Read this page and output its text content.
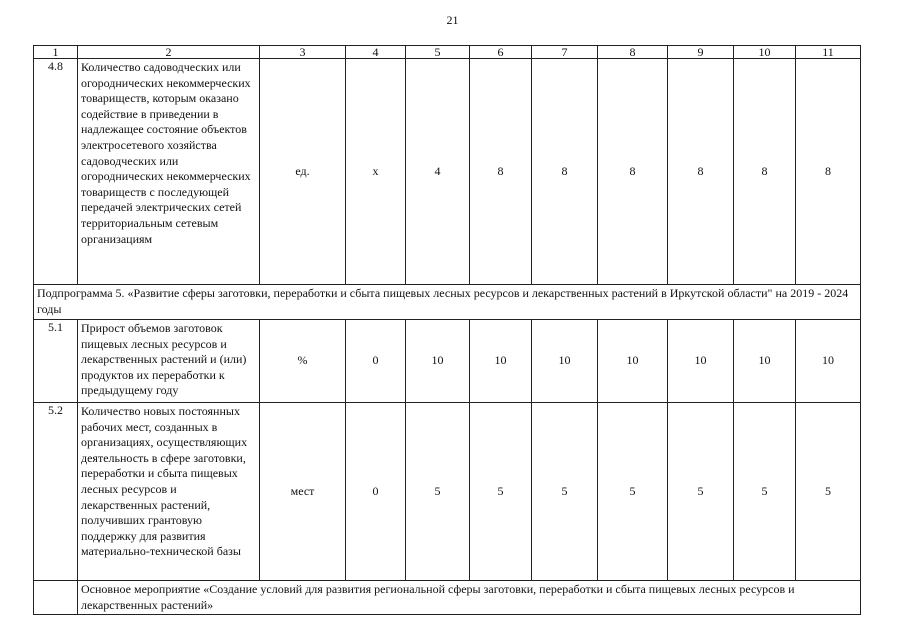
21
1	2	3	4	5	6	7	8	9	10	11
4.8	Количество садоводческих или огороднических некоммерческих товариществ, которым оказано содействие в приведении в надлежащее состояние объектов электросетевого хозяйства садоводческих или огороднических некоммерческих товариществ с последующей передачей электрических сетей территориальным сетевым организациям	ед.	х	4	8	8	8	8	8	8
Подпрограмма 5. «Развитие сферы заготовки, переработки и сбыта пищевых лесных ресурсов и лекарственных растений в Иркутской области" на 2019 - 2024 годы										
5.1	Прирост объемов заготовок пищевых лесных ресурсов и лекарственных растений и (или) продуктов их переработки к предыдущему году	%	0	10	10	10	10	10	10	10
5.2	Количество новых постоянных рабочих мест, созданных в организациях, осуществляющих деятельность в сфере заготовки, переработки и сбыта пищевых лесных ресурсов и лекарственных растений, получивших грантовую поддержку для развития материально-технической базы	мест	0	5	5	5	5	5	5	5
	Основное мероприятие «Создание условий для развития региональной сферы заготовки, переработки и сбыта пищевых лесных ресурсов и лекарственных растений»									
